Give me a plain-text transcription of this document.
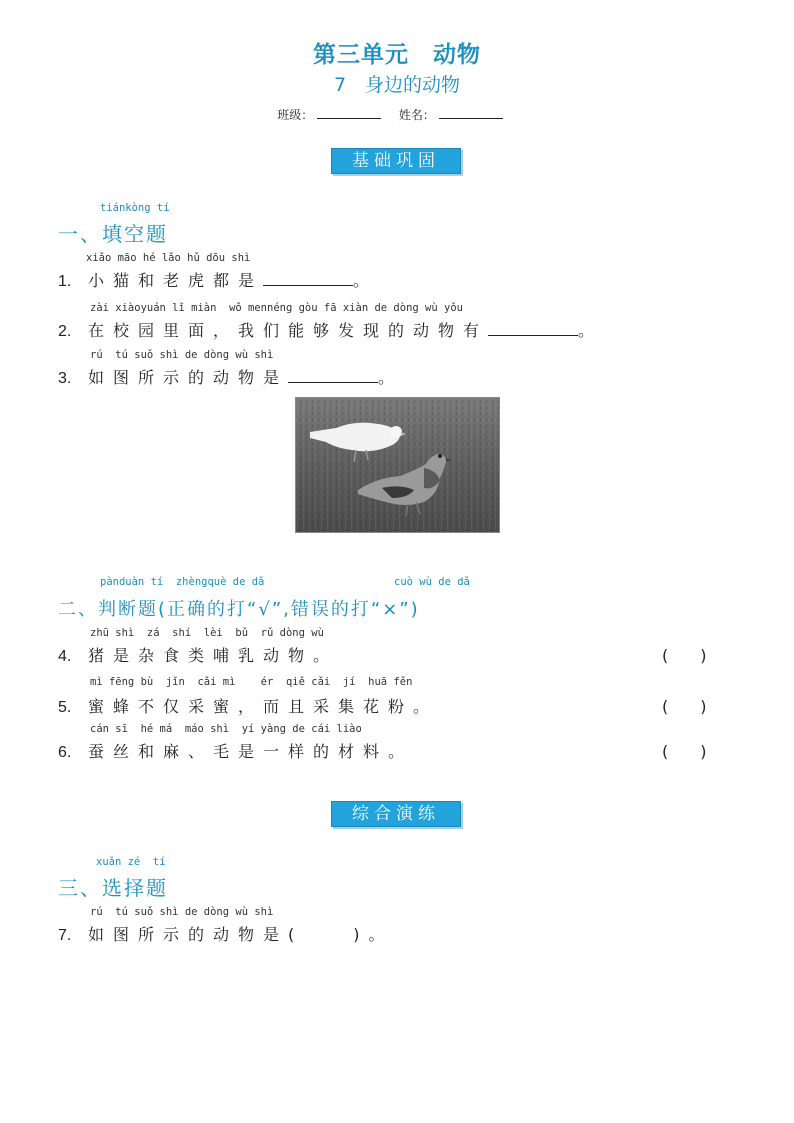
第三单元　动物
7　身边的动物
班级：	姓名：
基础巩固
tiánkòng tí
一、填空题
xiǎo māo hé lǎo hǔ dōu shì
1. 小猫和老虎都是	。
zài xiàoyuán lǐ miàn  wǒ mennéng gòu fā xiàn de dòng wù yǒu
2. 在校园里面，我们能够发现的动物有	。
rú  tú suǒ shì de dòng wù shì
3. 如图所示的动物是	。
pànduàn tí  zhèngquè de dǎ	cuò wù de dǎ
二、判断题(正确的打“√”,错误的打“×”)
zhū shì  zá  shí  lèi  bǔ  rǔ dòng wù
4. 猪是杂食类哺乳动物。	(　　)
mì fēng bù  jǐn  cǎi mì    ér  qiě cǎi  jí  huā fěn
5. 蜜蜂不仅采蜜，而且采集花粉。	(　　)
cán sī  hé má  máo shì  yí yàng de cái liào
6. 蚕丝和麻、毛是一样的材料。	(　　)
综合演练
xuǎn zé  tí
三、选择题
rú  tú suǒ shì de dòng wù shì
7. 如图所示的动物是(　　)。
